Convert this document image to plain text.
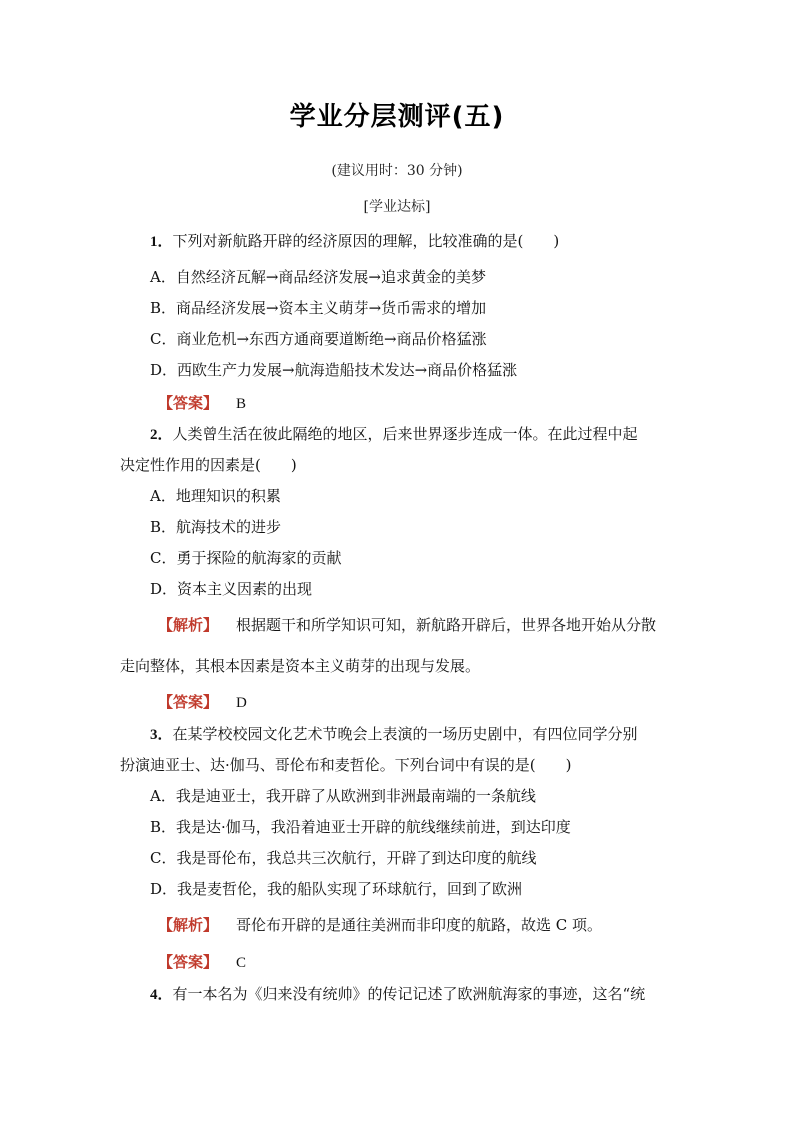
学业分层测评(五)
(建议用时：30 分钟)
[学业达标]
1．下列对新航路开辟的经济原因的理解，比较准确的是(　　)
A．自然经济瓦解→商品经济发展→追求黄金的美梦
B．商品经济发展→资本主义萌芽→货币需求的增加
C．商业危机→东西方通商要道断绝→商品价格猛涨
D．西欧生产力发展→航海造船技术发达→商品价格猛涨
【答案】 B
2．人类曾生活在彼此隔绝的地区，后来世界逐步连成一体。在此过程中起
决定性作用的因素是(　　)
A．地理知识的积累
B．航海技术的进步
C．勇于探险的航海家的贡献
D．资本主义因素的出现
【解析】 根据题干和所学知识可知，新航路开辟后，世界各地开始从分散
走向整体，其根本因素是资本主义萌芽的出现与发展。
【答案】 D
3．在某学校校园文化艺术节晚会上表演的一场历史剧中，有四位同学分别
扮演迪亚士、达·伽马、哥伦布和麦哲伦。下列台词中有误的是(　　)
A．我是迪亚士，我开辟了从欧洲到非洲最南端的一条航线
B．我是达·伽马，我沿着迪亚士开辟的航线继续前进，到达印度
C．我是哥伦布，我总共三次航行，开辟了到达印度的航线
D．我是麦哲伦，我的船队实现了环球航行，回到了欧洲
【解析】 哥伦布开辟的是通往美洲而非印度的航路，故选 C 项。
【答案】 C
4．有一本名为《归来没有统帅》的传记记述了欧洲航海家的事迹，这名“统
